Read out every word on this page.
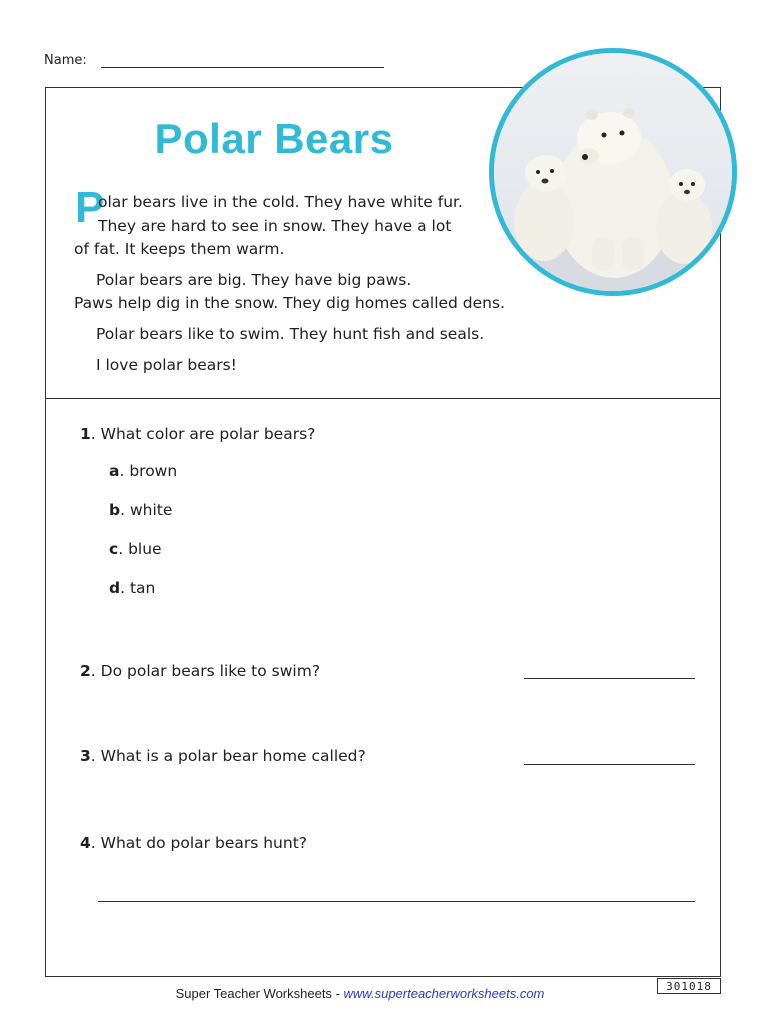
Name:
Polar Bears
P
olar bears live in the cold. They have white fur.
They are hard to see in snow. They have a lot
of fat. It keeps them warm.
Polar bears are big. They have big paws.
Paws help dig in the snow. They dig homes called dens.
Polar bears like to swim. They hunt fish and seals.
I love polar bears!
1. What color are polar bears?
a. brown
b. white
c. blue
d. tan
2. Do polar bears like to swim?
3. What is a polar bear home called?
4. What do polar bears hunt?
301018
Super Teacher Worksheets - www.superteacherworksheets.com
